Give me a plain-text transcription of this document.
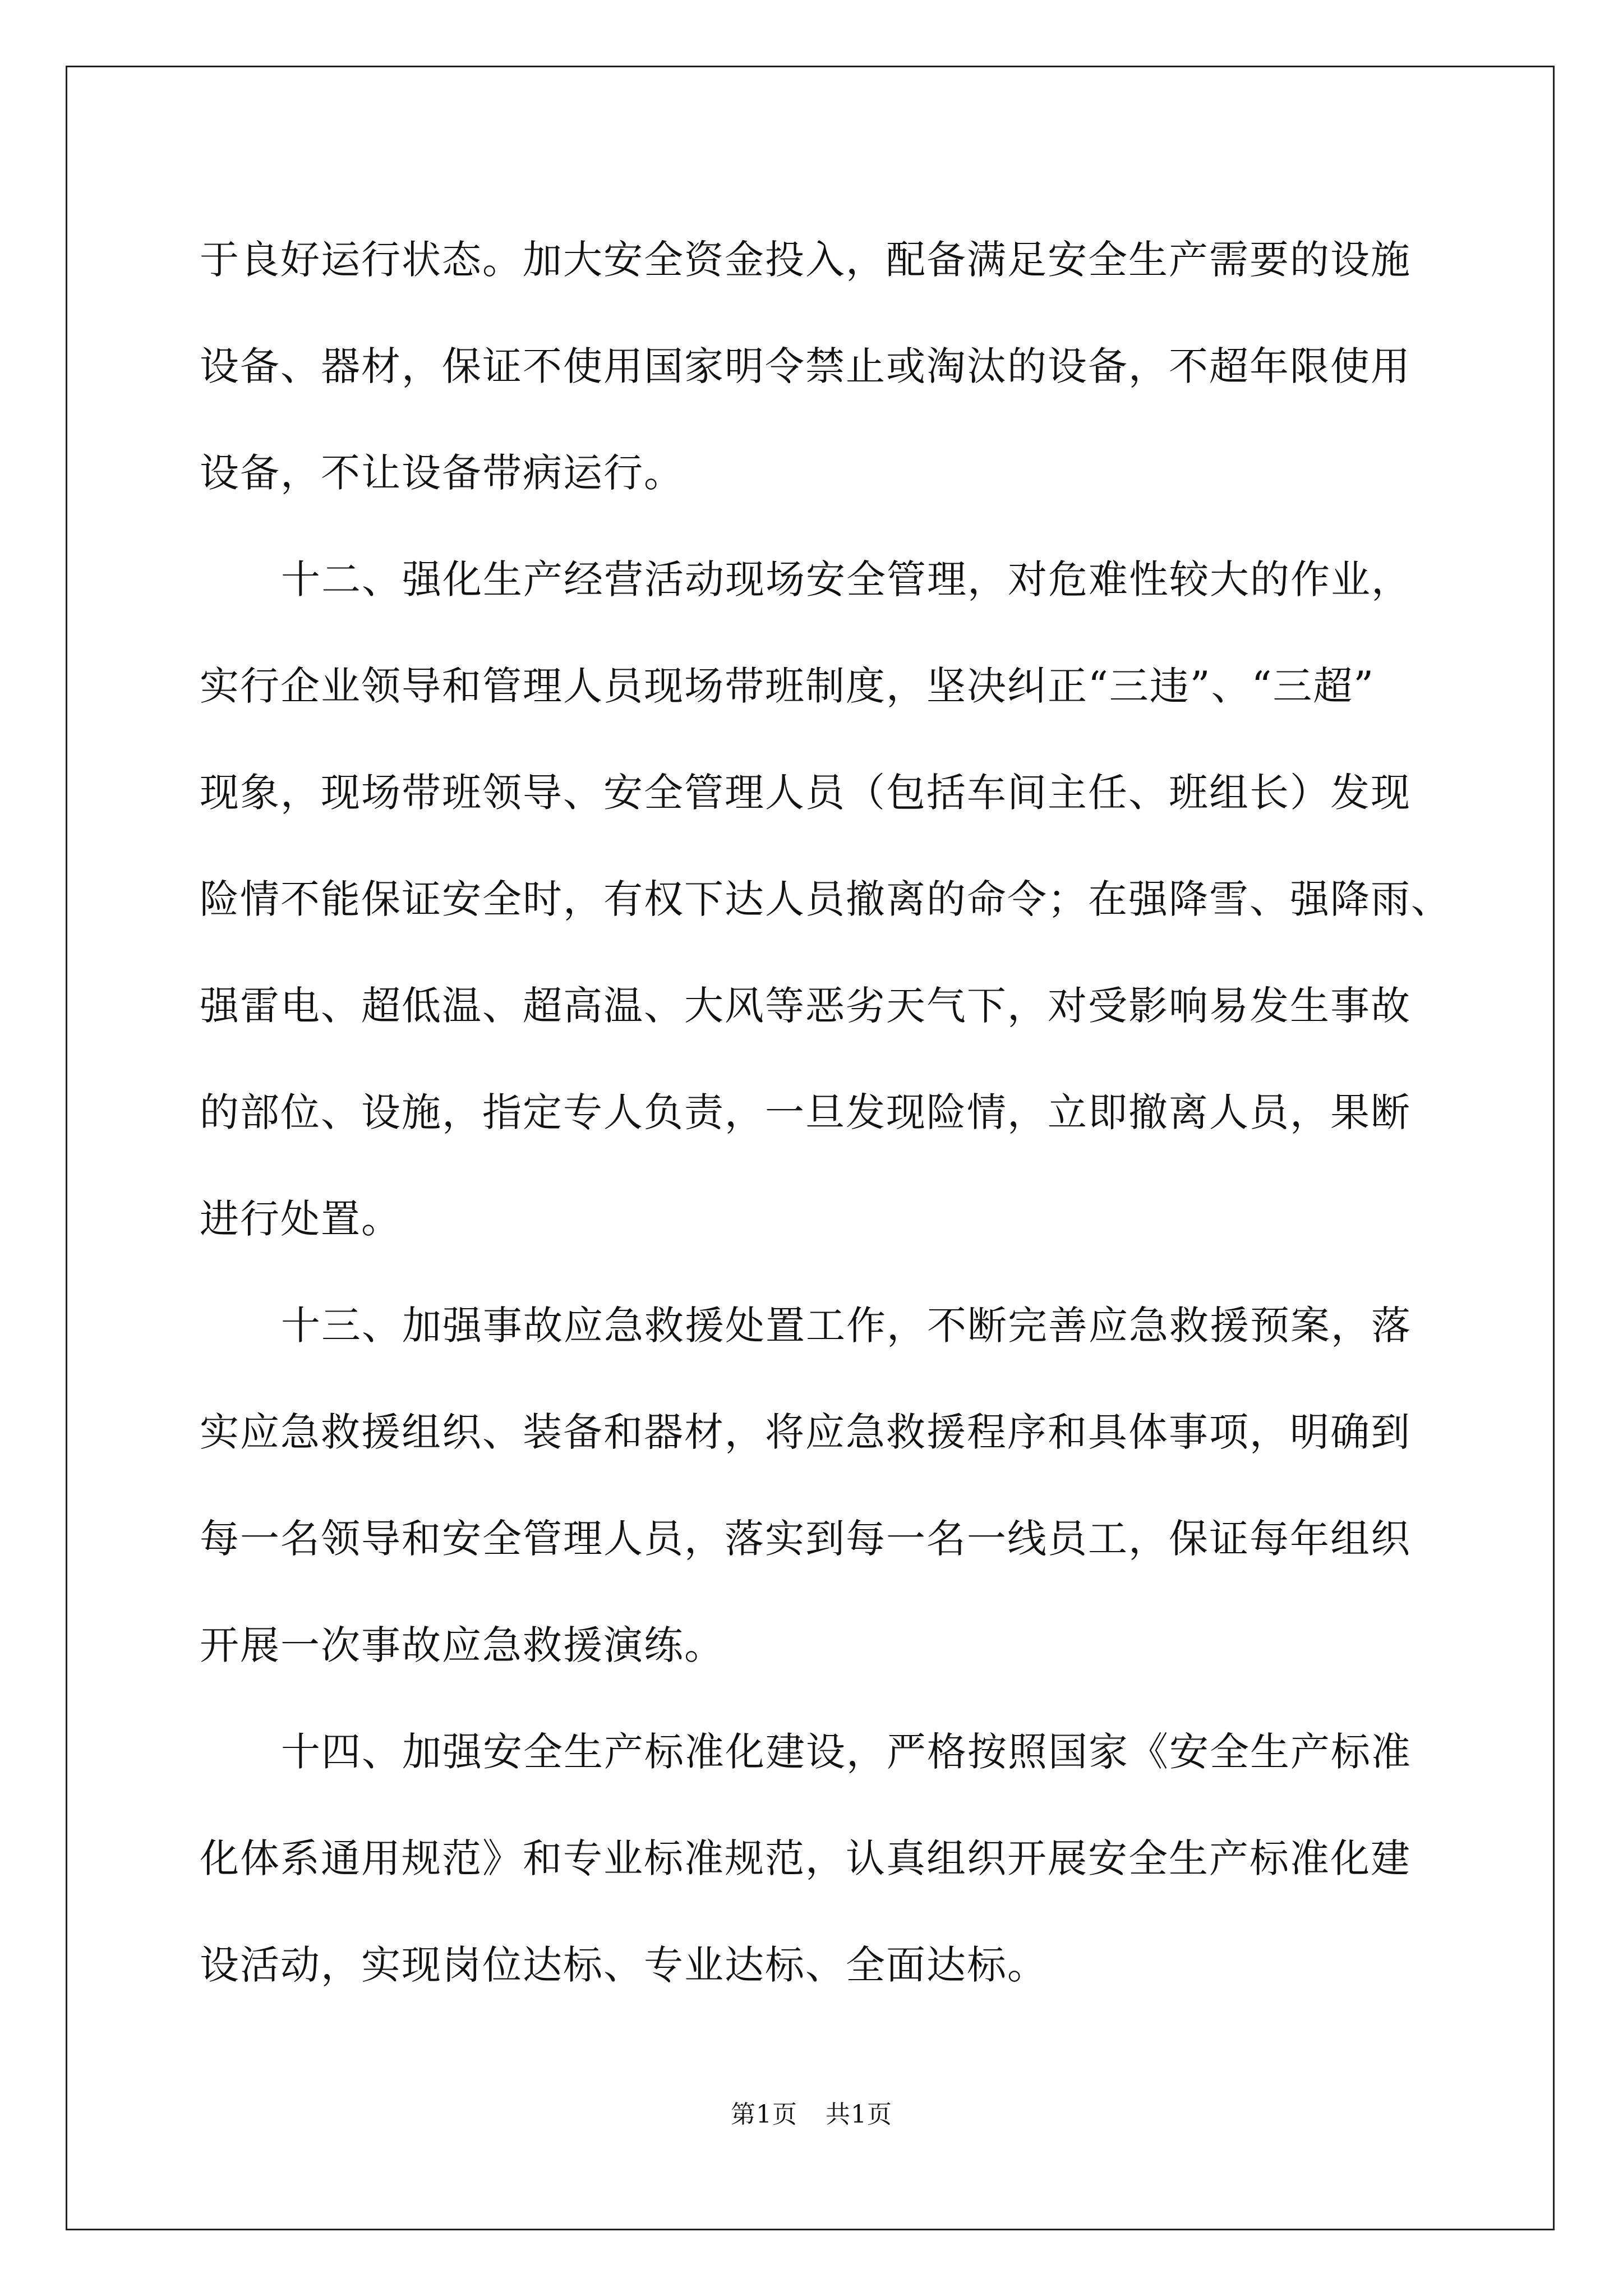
于良好运行状态。加大安全资金投入，配备满足安全生产需要的设施
设备、器材，保证不使用国家明令禁止或淘汰的设备，不超年限使用
设备，不让设备带病运行。
十二、强化生产经营活动现场安全管理，对危难性较大的作业，
实行企业领导和管理人员现场带班制度，坚决纠正“三违”、“三超”
现象，现场带班领导、安全管理人员（包括车间主任、班组长）发现
险情不能保证安全时，有权下达人员撤离的命令；在强降雪、强降雨、
强雷电、超低温、超高温、大风等恶劣天气下，对受影响易发生事故
的部位、设施，指定专人负责，一旦发现险情，立即撤离人员，果断
进行处置。
十三、加强事故应急救援处置工作，不断完善应急救援预案，落
实应急救援组织、装备和器材，将应急救援程序和具体事项，明确到
每一名领导和安全管理人员，落实到每一名一线员工，保证每年组织
开展一次事故应急救援演练。
十四、加强安全生产标准化建设，严格按照国家《安全生产标准
化体系通用规范》和专业标准规范，认真组织开展安全生产标准化建
设活动，实现岗位达标、专业达标、全面达标。
第1页 共1页
